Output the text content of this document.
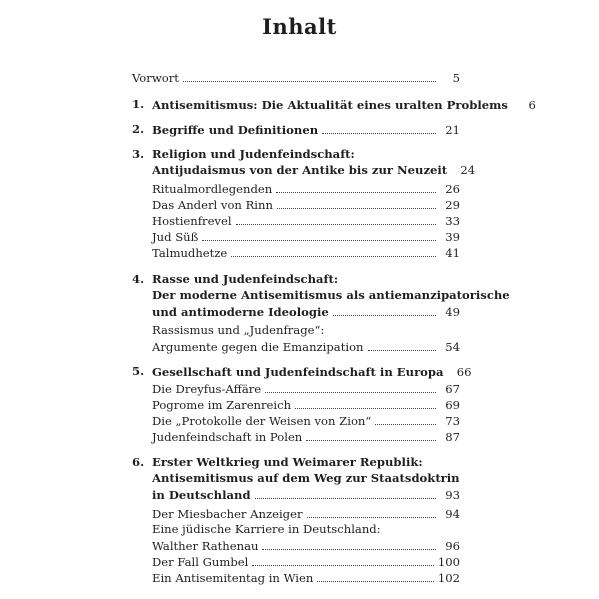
Inhalt
Vorwort	5
1. Antisemitismus: Die Aktualität eines uralten Problems	6
2. Begriffe und Definitionen	21
3. Religion und Judenfeindschaft:
Antijudaismus von der Antike bis zur Neuzeit	24
Ritualmordlegenden	26
Das Anderl von Rinn	29
Hostienfrevel	33
Jud Süß	39
Talmudhetze	41
4. Rasse und Judenfeindschaft:
Der moderne Antisemitismus als antiemanzipatorische
und antimoderne Ideologie	49
Rassismus und „Judenfrage“:
Argumente gegen die Emanzipation	54
5. Gesellschaft und Judenfeindschaft in Europa	66
Die Dreyfus-Affäre	67
Pogrome im Zarenreich	69
Die „Protokolle der Weisen von Zion“	73
Judenfeindschaft in Polen	87
6. Erster Weltkrieg und Weimarer Republik:
Antisemitismus auf dem Weg zur Staatsdoktrin
in Deutschland	93
Der Miesbacher Anzeiger	94
Eine jüdische Karriere in Deutschland:
Walther Rathenau	96
Der Fall Gumbel	100
Ein Antisemitentag in Wien	102
